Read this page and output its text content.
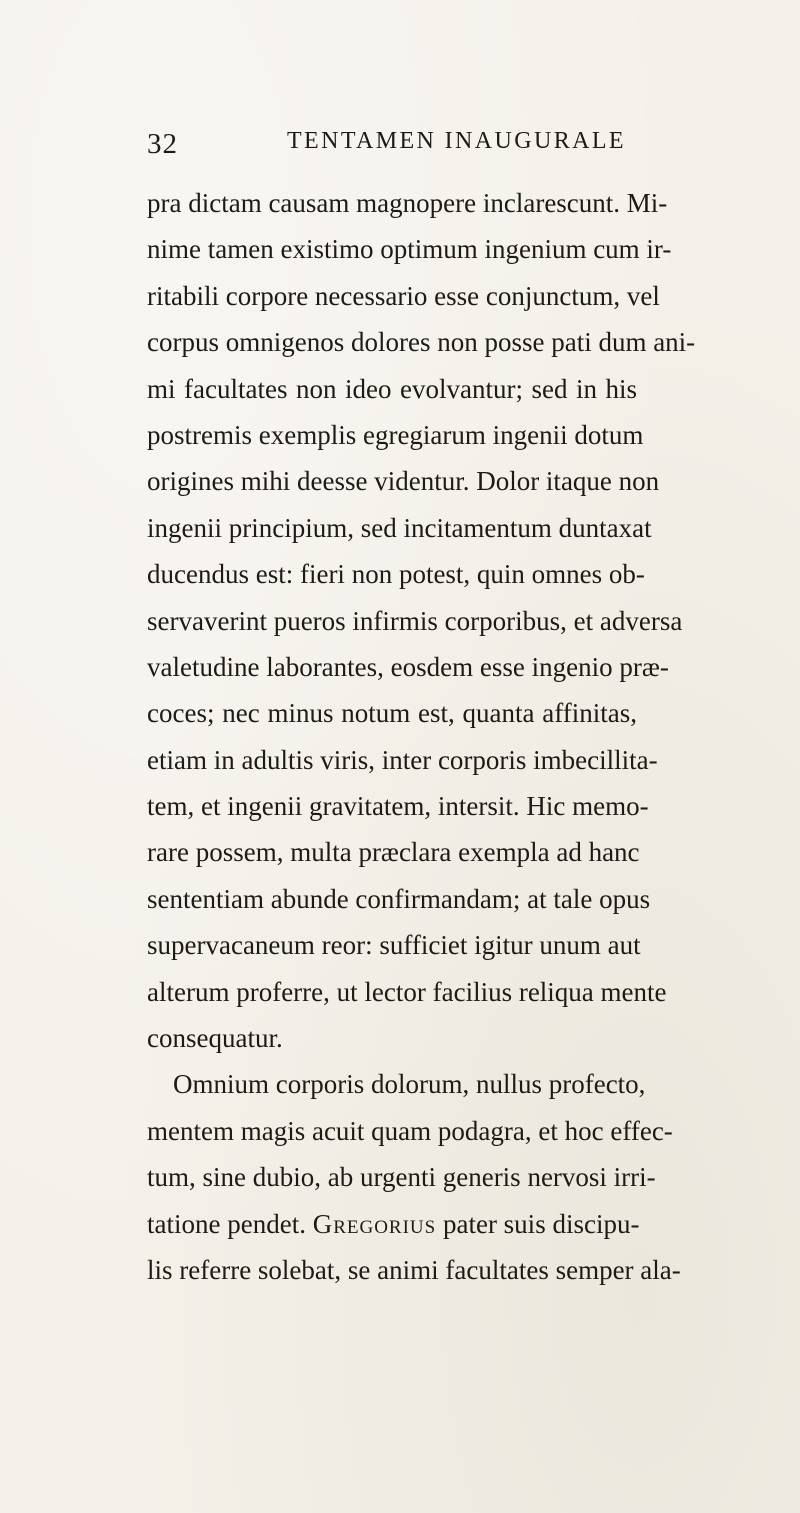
32	TENTAMEN INAUGURALE
pra dictam causam magnopere inclarescunt. Mi-
nime tamen existimo optimum ingenium cum ir-
ritabili corpore necessario esse conjunctum, vel
corpus omnigenos dolores non posse pati dum ani-
mi facultates non ideo evolvantur; sed in his
postremis exemplis egregiarum ingenii dotum
origines mihi deesse videntur. Dolor itaque non
ingenii principium, sed incitamentum duntaxat
ducendus est: fieri non potest, quin omnes ob-
servaverint pueros infirmis corporibus, et adversa
valetudine laborantes, eosdem esse ingenio præ-
coces; nec minus notum est, quanta affinitas,
etiam in adultis viris, inter corporis imbecillita-
tem, et ingenii gravitatem, intersit. Hic memo-
rare possem, multa præclara exempla ad hanc
sententiam abunde confirmandam; at tale opus
supervacaneum reor: sufficiet igitur unum aut
alterum proferre, ut lector facilius reliqua mente
consequatur.
Omnium corporis dolorum, nullus profecto,
mentem magis acuit quam podagra, et hoc effec-
tum, sine dubio, ab urgenti generis nervosi irri-
tatione pendet. Gregorius pater suis discipu-
lis referre solebat, se animi facultates semper ala-
